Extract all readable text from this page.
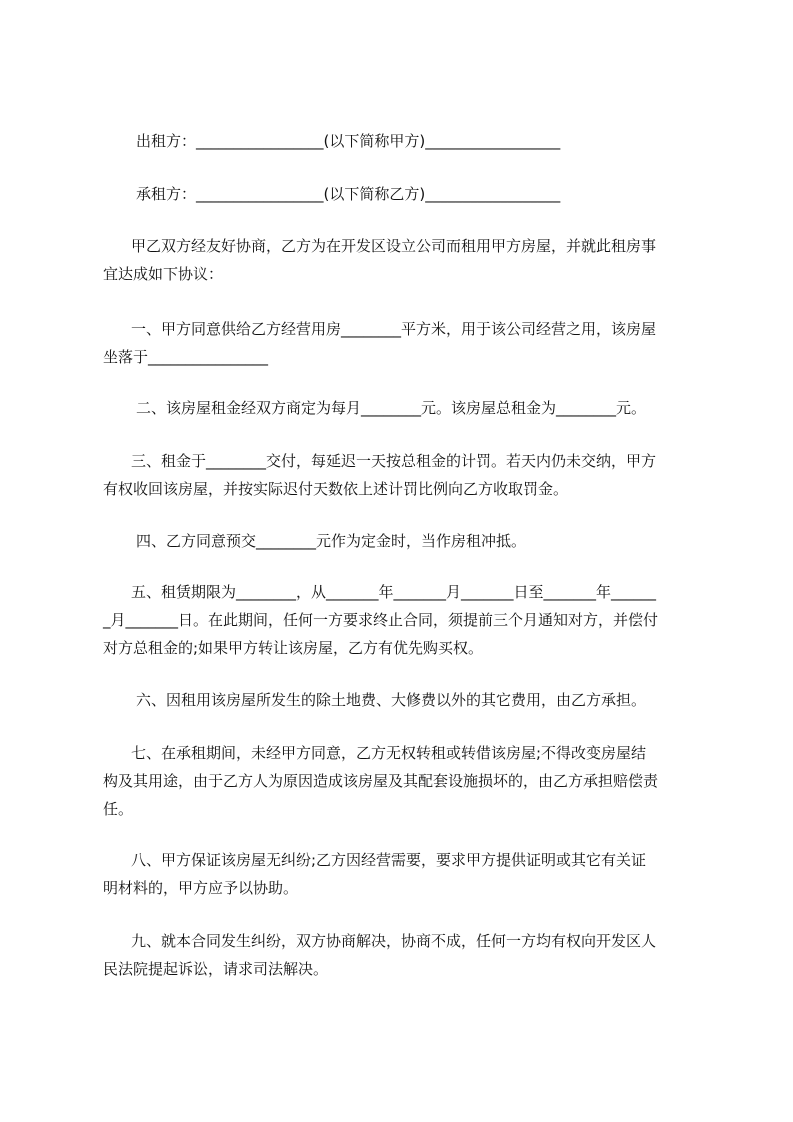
出租方：_________________(以下简称甲方)__________________

承租方：_________________(以下简称乙方)__________________

甲乙双方经友好协商，乙方为在开发区设立公司而租用甲方房屋，并就此租房事
宜达成如下协议：

一、甲方同意供给乙方经营用房________平方米，用于该公司经营之用，该房屋
坐落于________________

二、该房屋租金经双方商定为每月________元。该房屋总租金为________元。

三、租金于________交付，每延迟一天按总租金的计罚。若天内仍未交纳，甲方
有权收回该房屋，并按实际迟付天数依上述计罚比例向乙方收取罚金。

四、乙方同意预交________元作为定金时，当作房租冲抵。

五、租赁期限为________，从_______年_______月_______日至_______年______
_月_______日。在此期间，任何一方要求终止合同，须提前三个月通知对方，并偿付
对方总租金的;如果甲方转让该房屋，乙方有优先购买权。

六、因租用该房屋所发生的除土地费、大修费以外的其它费用，由乙方承担。

七、在承租期间，未经甲方同意，乙方无权转租或转借该房屋;不得改变房屋结
构及其用途，由于乙方人为原因造成该房屋及其配套设施损坏的，由乙方承担赔偿责
任。

八、甲方保证该房屋无纠纷;乙方因经营需要，要求甲方提供证明或其它有关证
明材料的，甲方应予以协助。

九、就本合同发生纠纷，双方协商解决，协商不成，任何一方均有权向开发区人
民法院提起诉讼，请求司法解决。
